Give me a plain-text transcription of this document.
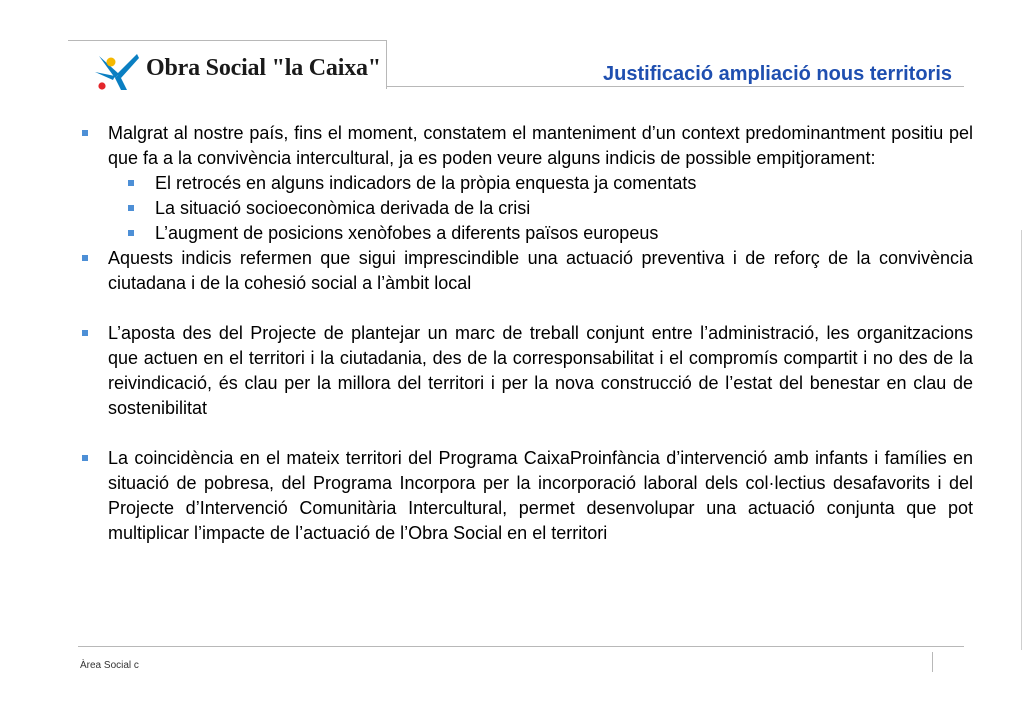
Obra Social "la Caixa"	Justificació ampliació nous territoris
Malgrat al nostre país, fins el moment, constatem el manteniment d’un context predominantment positiu pel que fa a la convivència intercultural, ja es poden veure alguns indicis de possible empitjorament:
El retrocés en alguns indicadors de la pròpia enquesta ja comentats
La situació socioeconòmica derivada de la crisi
L’augment de posicions xenòfobes a diferents països europeus
Aquests indicis refermen que sigui imprescindible una actuació preventiva i de reforç de la convivència ciutadana i de la cohesió social a l’àmbit local
L’aposta des del Projecte de plantejar un marc de treball conjunt entre l’administració, les organitzacions que actuen en el territori i la ciutadania, des de la corresponsabilitat i el compromís compartit i no des de la reivindicació, és clau per la millora del territori i per la nova construcció de l’estat del benestar en clau de sostenibilitat
La coincidència en el mateix territori del Programa CaixaProinfància d’intervenció amb infants i famílies en situació de pobresa, del Programa Incorpora per la incorporació laboral dels col·lectius desafavorits i del Projecte d’Intervenció Comunitària Intercultural, permet desenvolupar una actuació conjunta que pot multiplicar l’impacte de l’actuació de l’Obra Social en el territori
Àrea Social c
